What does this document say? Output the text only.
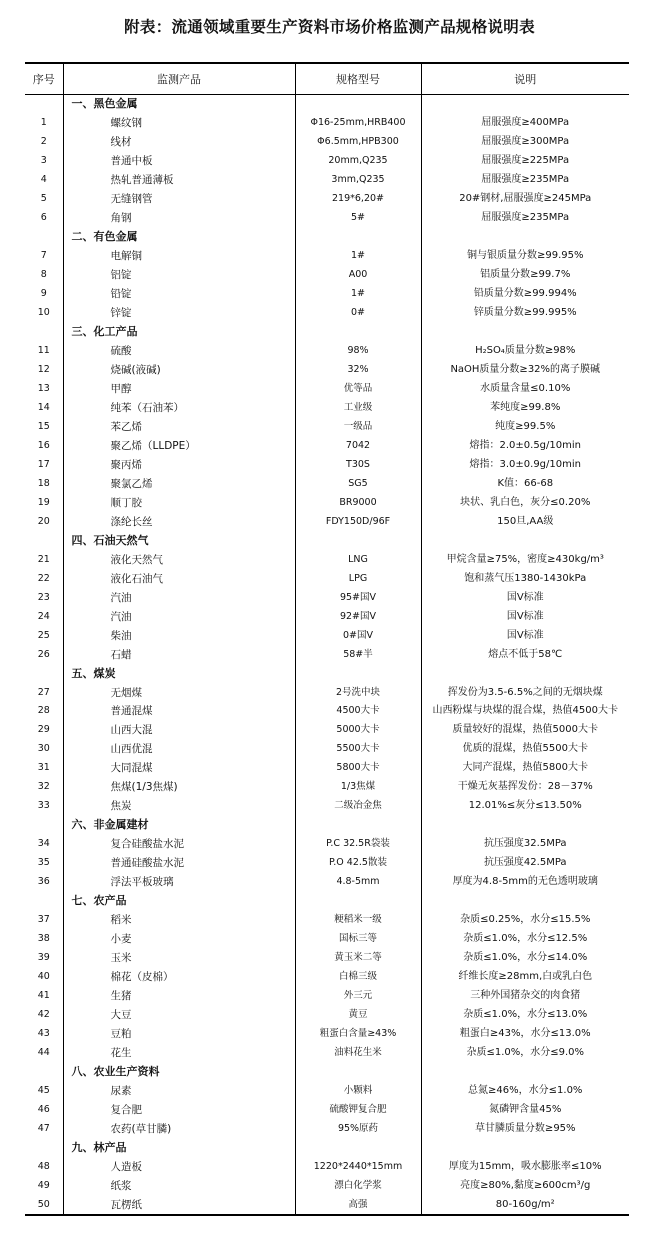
附表：流通领域重要生产资料市场价格监测产品规格说明表
序号	监测产品	规格型号	说明
	一、黑色金属		
1	螺纹钢	Φ16-25mm,HRB400	屈服强度≥400MPa
2	线材	Φ6.5mm,HPB300	屈服强度≥300MPa
3	普通中板	20mm,Q235	屈服强度≥225MPa
4	热轧普通薄板	3mm,Q235	屈服强度≥235MPa
5	无缝钢管	219*6,20#	20#钢材,屈服强度≥245MPa
6	角钢	5#	屈服强度≥235MPa
	二、有色金属		
7	电解铜	1#	铜与银质量分数≥99.95%
8	铝锭	A00	铝质量分数≥99.7%
9	铅锭	1#	铅质量分数≥99.994%
10	锌锭	0#	锌质量分数≥99.995%
	三、化工产品		
11	硫酸	98%	H₂SO₄质量分数≥98%
12	烧碱(液碱)	32%	NaOH质量分数≥32%的离子膜碱
13	甲醇	优等品	水质量含量≤0.10%
14	纯苯（石油苯）	工业级	苯纯度≥99.8%
15	苯乙烯	一级品	纯度≥99.5%
16	聚乙烯（LLDPE）	7042	熔指：2.0±0.5g/10min
17	聚丙烯	T30S	熔指：3.0±0.9g/10min
18	聚氯乙烯	SG5	K值：66-68
19	顺丁胶	BR9000	块状、乳白色，灰分≤0.20%
20	涤纶长丝	FDY150D/96F	150旦,AA级
	四、石油天然气		
21	液化天然气	LNG	甲烷含量≥75%，密度≥430kg/m³
22	液化石油气	LPG	饱和蒸气压1380-1430kPa
23	汽油	95#国Ⅴ	国Ⅴ标准
24	汽油	92#国Ⅴ	国Ⅴ标准
25	柴油	0#国Ⅴ	国Ⅴ标准
26	石蜡	58#半	熔点不低于58℃
	五、煤炭		
27	无烟煤	2号洗中块	挥发份为3.5-6.5%之间的无烟块煤
28	普通混煤	4500大卡	山西粉煤与块煤的混合煤，热值4500大卡
29	山西大混	5000大卡	质量较好的混煤，热值5000大卡
30	山西优混	5500大卡	优质的混煤，热值5500大卡
31	大同混煤	5800大卡	大同产混煤，热值5800大卡
32	焦煤(1/3焦煤)	1/3焦煤	干燥无灰基挥发份：28－37%
33	焦炭	二级冶金焦	12.01%≤灰分≤13.50%
	六、非金属建材		
34	复合硅酸盐水泥	P.C 32.5R袋装	抗压强度32.5MPa
35	普通硅酸盐水泥	P.O 42.5散装	抗压强度42.5MPa
36	浮法平板玻璃	4.8-5mm	厚度为4.8-5mm的无色透明玻璃
	七、农产品		
37	稻米	粳稻米一级	杂质≤0.25%，水分≤15.5%
38	小麦	国标三等	杂质≤1.0%，水分≤12.5%
39	玉米	黄玉米二等	杂质≤1.0%，水分≤14.0%
40	棉花（皮棉）	白棉三级	纤维长度≥28mm,白或乳白色
41	生猪	外三元	三种外国猪杂交的肉食猪
42	大豆	黄豆	杂质≤1.0%，水分≤13.0%
43	豆粕	粗蛋白含量≥43%	粗蛋白≥43%，水分≤13.0%
44	花生	油料花生米	杂质≤1.0%，水分≤9.0%
	八、农业生产资料		
45	尿素	小颗料	总氮≥46%，水分≤1.0%
46	复合肥	硫酸钾复合肥	氮磷钾含量45%
47	农药(草甘膦)	95%原药	草甘膦质量分数≥95%
	九、林产品		
48	人造板	1220*2440*15mm	厚度为15mm，吸水膨胀率≤10%
49	纸浆	漂白化学浆	亮度≥80%,黏度≥600cm³/g
50	瓦楞纸	高强	80-160g/m²
